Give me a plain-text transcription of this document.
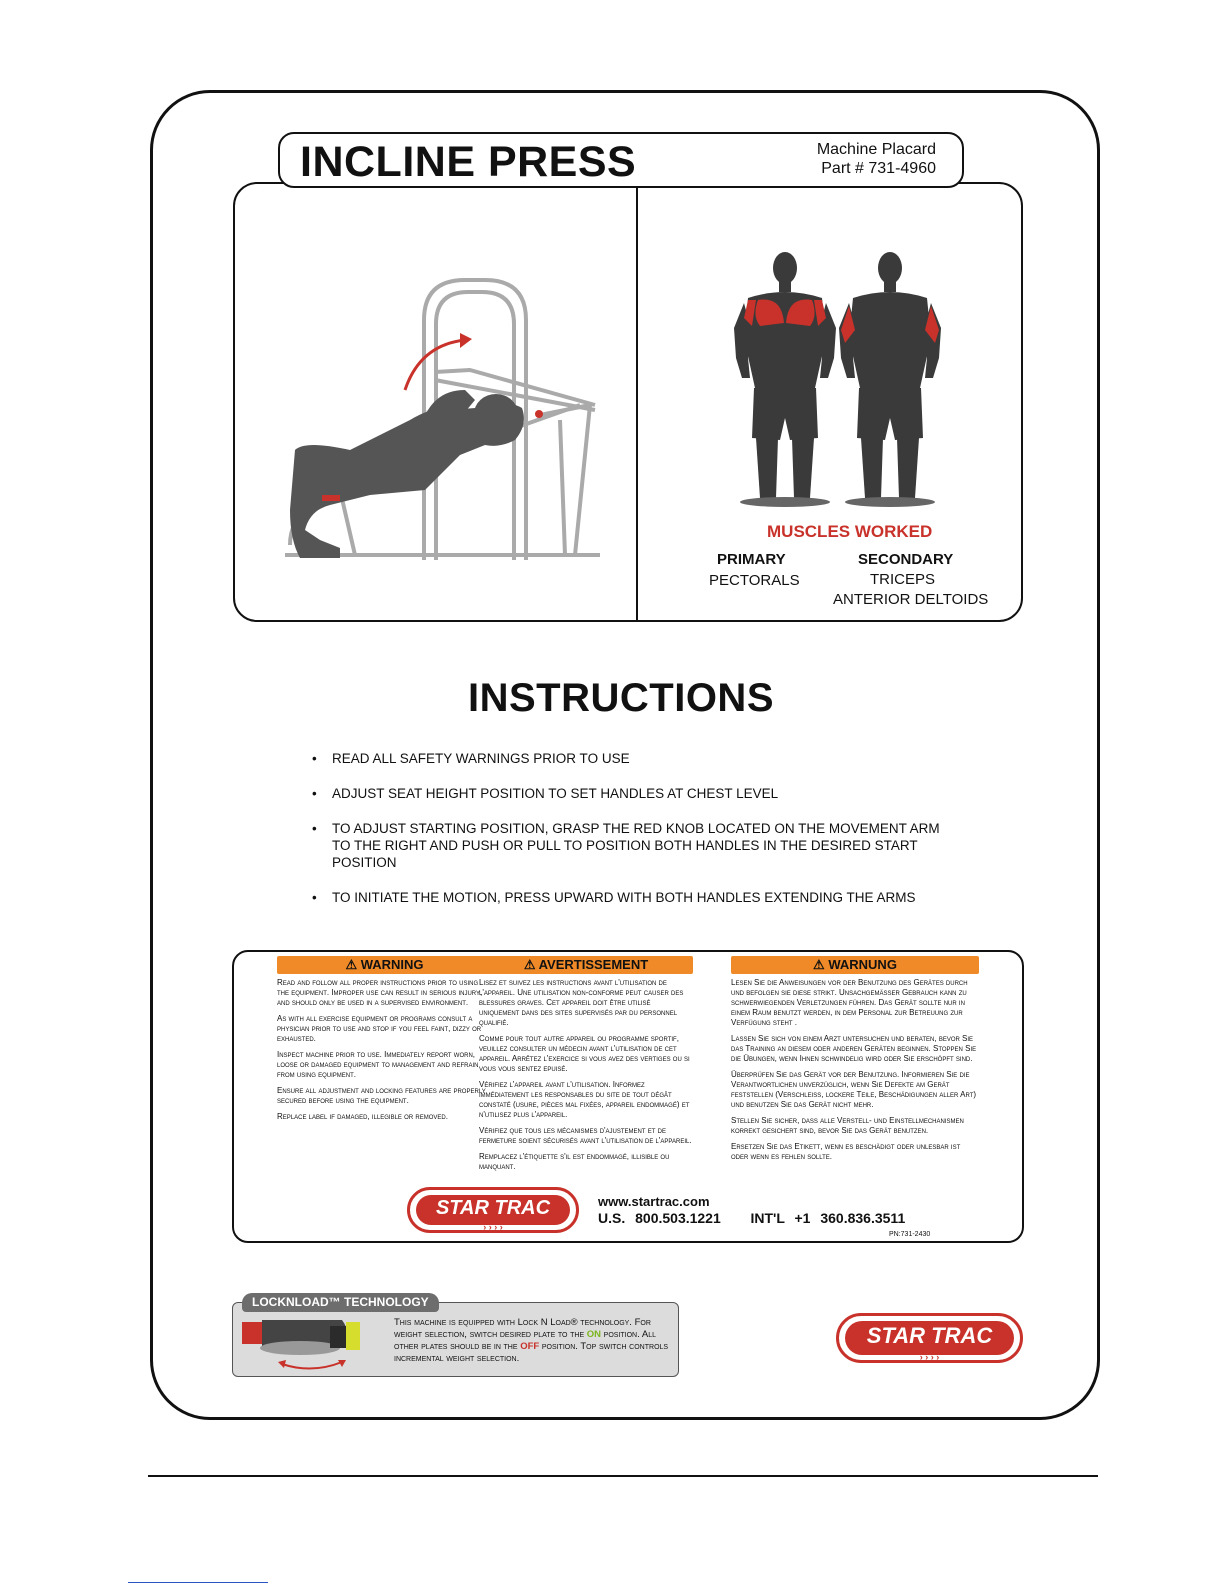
INCLINE PRESS	Machine Placard
Part # 731-4960
MUSCLES WORKED
PRIMARY
PECTORALS
SECONDARY
TRICEPS
ANTERIOR DELTOIDS
INSTRUCTIONS
• READ ALL SAFETY WARNINGS PRIOR TO USE
• ADJUST SEAT HEIGHT POSITION TO SET HANDLES AT CHEST LEVEL
• TO ADJUST STARTING POSITION, GRASP THE RED KNOB LOCATED ON THE MOVEMENT ARM TO THE RIGHT AND PUSH OR PULL TO POSITION BOTH HANDLES IN THE DESIRED START POSITION
• TO INITIATE THE MOTION, PRESS UPWARD WITH BOTH HANDLES EXTENDING THE ARMS
⚠ WARNING

Read and follow all proper instructions prior to using the equipment. Improper use can result in serious injury, and should only be used in a supervised environment.

As with all exercise equipment or programs consult a physician prior to use and stop if you feel faint, dizzy or exhausted.

Inspect machine prior to use. Immediately report worn, loose or damaged equipment to management and refrain from using equipment.

Ensure all adjustment and locking features are properly secured before using the equipment.

Replace label if damaged, illegible or removed.

⚠ AVERTISSEMENT

Lisez et suivez les instructions avant l'utilisation de l'appareil. Une utilisation non-conforme peut causer des blessures graves. Cet appareil doit être utilisé uniquement dans des sites supervisés par du personnel qualifié.

Comme pour tout autre appareil ou programme sportif, veuillez consulter un médecin avant l'utilisation de cet appareil. Arrêtez l'exercice si vous avez des vertiges ou si vous vous sentez epuisé.

Vérifiez l'appareil avant l'utilisation. Informez immédiatement les responsables du site de tout dégât constaté (usure, pièces mal fixées, appareil endommagé) et n'utilisez plus l'appareil.

Vérifiez que tous les mécanismes d'ajustement et de fermeture soient sécurisés avant l'utilisation de l'appareil.

Remplacez l'étiquette s'il est endommagé, illisible ou manquant.

⚠ WARNUNG

Lesen Sie die Anweisungen vor der Benutzung des Gerätes durch und befolgen sie diese strikt. Unsachgemäßer Gebrauch kann zu schwerwiegenden Verletzungen führen. Das Gerät sollte nur in einem Raum benutzt werden, in dem Personal zur Betreuung zur Verfügung steht .

Lassen Sie sich von einem Arzt untersuchen und beraten, bevor Sie das Training an diesem oder anderen Geräten beginnen. Stoppen Sie die Übungen, wenn Ihnen schwindelig wird oder Sie erschöpft sind.

Überprüfen Sie das Gerät vor der Benutzung. Informieren Sie die Verantwortlichen unverzüglich, wenn Sie Defekte am Gerät feststellen (Verschleiß, lockere Teile, Beschädigungen aller Art) und benutzen Sie das Gerät nicht mehr.

Stellen Sie sicher, daß alle Verstell- und Einstellmechanismen korrekt gesichert sind, bevor Sie das Gerät benutzen.

Ersetzen Sie das Etikett, wenn es beschädigt oder unlesbar ist oder wenn es fehlen sollte.

STAR TRAC
› › › ›
www.startrac.com
U.S. 800.503.1221 INT'L +1 360.836.3511
PN:731-2430
LOCKNLOAD™ TECHNOLOGY
This machine is equipped with Lock N Load® technology. For weight selection, switch desired plate to the ON position. All other plates should be in the OFF position. Top switch controls incremental weight selection.
STAR TRAC
› › › ›
